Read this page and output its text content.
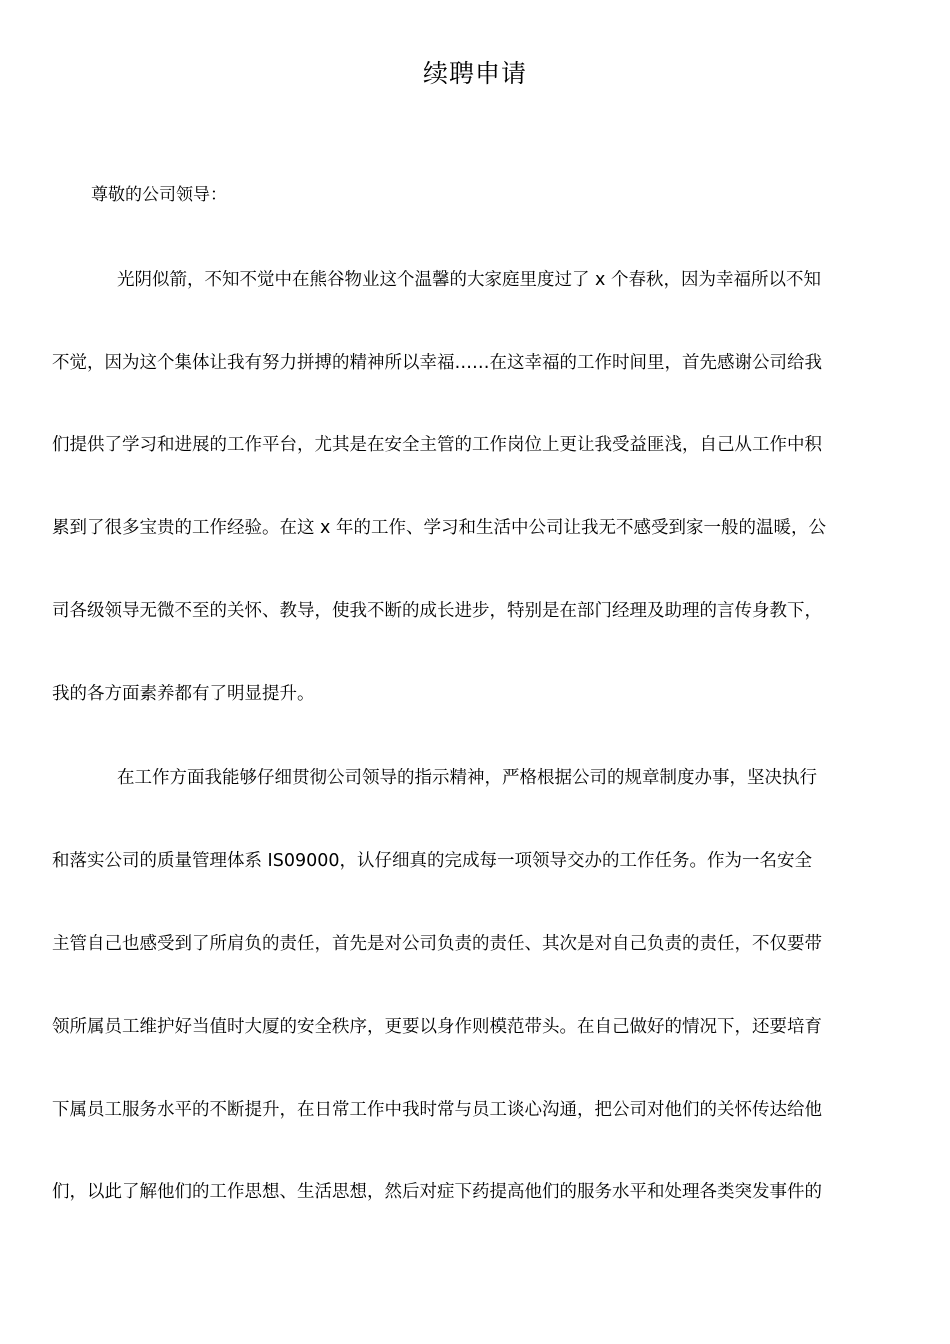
续聘申请

尊敬的公司领导：

光阴似箭，不知不觉中在熊谷物业这个温馨的大家庭里度过了 x 个春秋，因为幸福所以不知

不觉，因为这个集体让我有努力拼搏的精神所以幸福……在这幸福的工作时间里，首先感谢公司给我

们提供了学习和进展的工作平台，尤其是在安全主管的工作岗位上更让我受益匪浅，自己从工作中积

累到了很多宝贵的工作经验。在这 x 年的工作、学习和生活中公司让我无不感受到家一般的温暖，公

司各级领导无微不至的关怀、教导，使我不断的成长进步，特别是在部门经理及助理的言传身教下，

我的各方面素养都有了明显提升。

在工作方面我能够仔细贯彻公司领导的指示精神，严格根据公司的规章制度办事，坚决执行

和落实公司的质量管理体系 IS09000，认仔细真的完成每一项领导交办的工作任务。作为一名安全

主管自己也感受到了所肩负的责任，首先是对公司负责的责任、其次是对自己负责的责任，不仅要带

领所属员工维护好当值时大厦的安全秩序，更要以身作则模范带头。在自己做好的情况下，还要培育

下属员工服务水平的不断提升，在日常工作中我时常与员工谈心沟通，把公司对他们的关怀传达给他

们，以此了解他们的工作思想、生活思想，然后对症下药提高他们的服务水平和处理各类突发事件的
